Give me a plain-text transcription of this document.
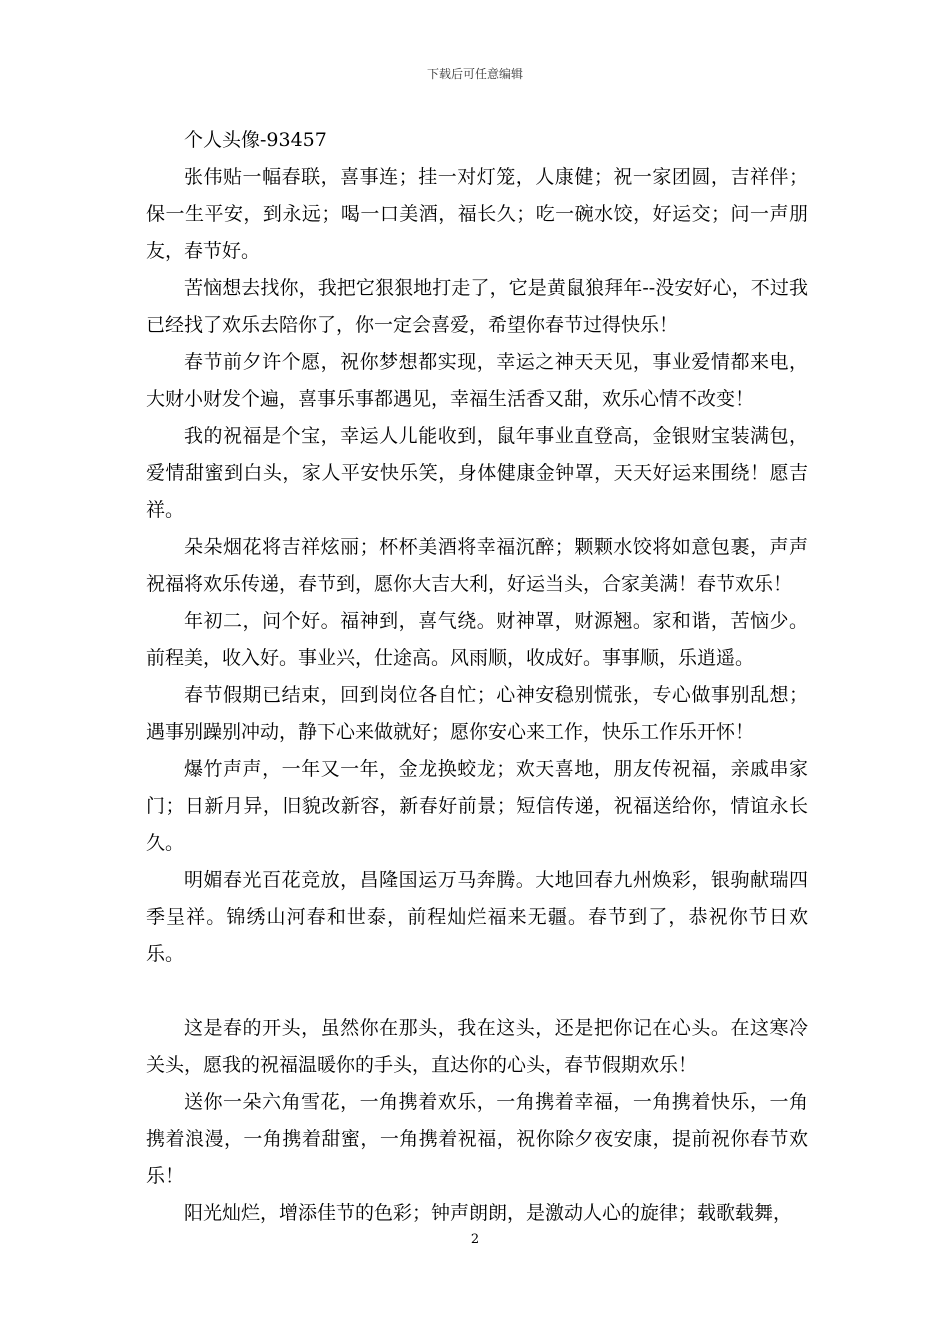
下载后可任意编辑

个人头像-93457

张伟贴一幅春联，喜事连；挂一对灯笼，人康健；祝一家团圆，吉祥伴；保一生平安，到永远；喝一口美酒，福长久；吃一碗水饺，好运交；问一声朋友，春节好。

苦恼想去找你，我把它狠狠地打走了，它是黄鼠狼拜年--没安好心，不过我已经找了欢乐去陪你了，你一定会喜爱，希望你春节过得快乐！

春节前夕许个愿，祝你梦想都实现，幸运之神天天见，事业爱情都来电，大财小财发个遍，喜事乐事都遇见，幸福生活香又甜，欢乐心情不改变！

我的祝福是个宝，幸运人儿能收到，鼠年事业直登高，金银财宝装满包，爱情甜蜜到白头，家人平安快乐笑，身体健康金钟罩，天天好运来围绕！愿吉祥。

朵朵烟花将吉祥炫丽；杯杯美酒将幸福沉醉；颗颗水饺将如意包裹，声声祝福将欢乐传递，春节到，愿你大吉大利，好运当头，合家美满！春节欢乐！

年初二，问个好。福神到，喜气绕。财神罩，财源翘。家和谐，苦恼少。前程美，收入好。事业兴，仕途高。风雨顺，收成好。事事顺，乐逍遥。

春节假期已结束，回到岗位各自忙；心神安稳别慌张，专心做事别乱想；遇事别躁别冲动，静下心来做就好；愿你安心来工作，快乐工作乐开怀！

爆竹声声，一年又一年，金龙换蛟龙；欢天喜地，朋友传祝福，亲戚串家门；日新月异，旧貌改新容，新春好前景；短信传递，祝福送给你，情谊永长久。

明媚春光百花竞放，昌隆国运万马奔腾。大地回春九州焕彩，银驹献瑞四季呈祥。锦绣山河春和世泰，前程灿烂福来无疆。春节到了，恭祝你节日欢乐。

这是春的开头，虽然你在那头，我在这头，还是把你记在心头。在这寒冷关头，愿我的祝福温暖你的手头，直达你的心头，春节假期欢乐！

送你一朵六角雪花，一角携着欢乐，一角携着幸福，一角携着快乐，一角携着浪漫，一角携着甜蜜，一角携着祝福，祝你除夕夜安康，提前祝你春节欢乐！

阳光灿烂，增添佳节的色彩；钟声朗朗，是激动人心的旋律；载歌载舞，

2
